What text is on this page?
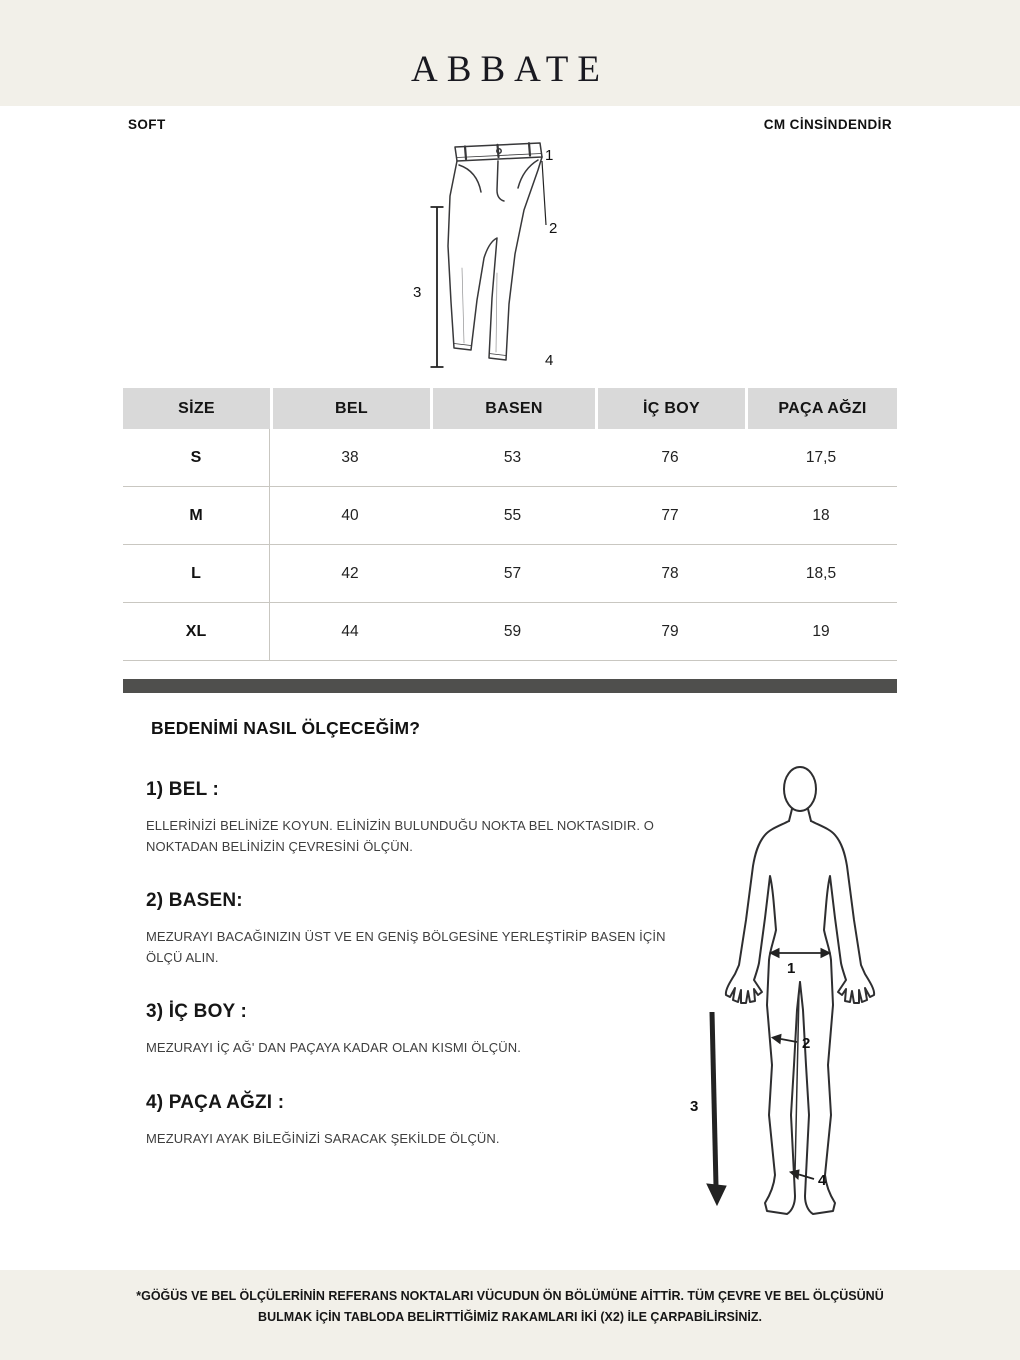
ABBATE
SOFT	CM CİNSİNDENDİR
1
2
3
4
SİZE	BEL	BASEN	İÇ BOY	PAÇA AĞZI
S	38	53	76	17,5
M	40	55	77	18
L	42	57	78	18,5
XL	44	59	79	19
BEDENİMİ NASIL ÖLÇECEĞİM?
1) BEL :

ELLERİNİZİ BELİNİZE KOYUN. ELİNİZİN BULUNDUĞU NOKTA BEL NOKTASIDIR. O NOKTADAN BELİNİZİN ÇEVRESİNİ ÖLÇÜN.

2) BASEN:

MEZURAYI BACAĞINIZIN ÜST VE EN GENİŞ BÖLGESİNE YERLEŞTİRİP BASEN İÇİN ÖLÇÜ ALIN.

3) İÇ BOY :

MEZURAYI İÇ AĞ' DAN PAÇAYA KADAR OLAN KISMI ÖLÇÜN.

4) PAÇA AĞZI :

MEZURAYI AYAK BİLEĞİNİZİ SARACAK ŞEKİLDE ÖLÇÜN.

1
2
3
4
*GÖĞÜS VE BEL ÖLÇÜLERİNİN REFERANS NOKTALARI VÜCUDUN ÖN BÖLÜMÜNE AİTTİR. TÜM ÇEVRE VE BEL ÖLÇÜSÜNÜ BULMAK İÇİN TABLODA BELİRTTİĞİMİZ RAKAMLARI İKİ (X2) İLE ÇARPABİLİRSİNİZ.
